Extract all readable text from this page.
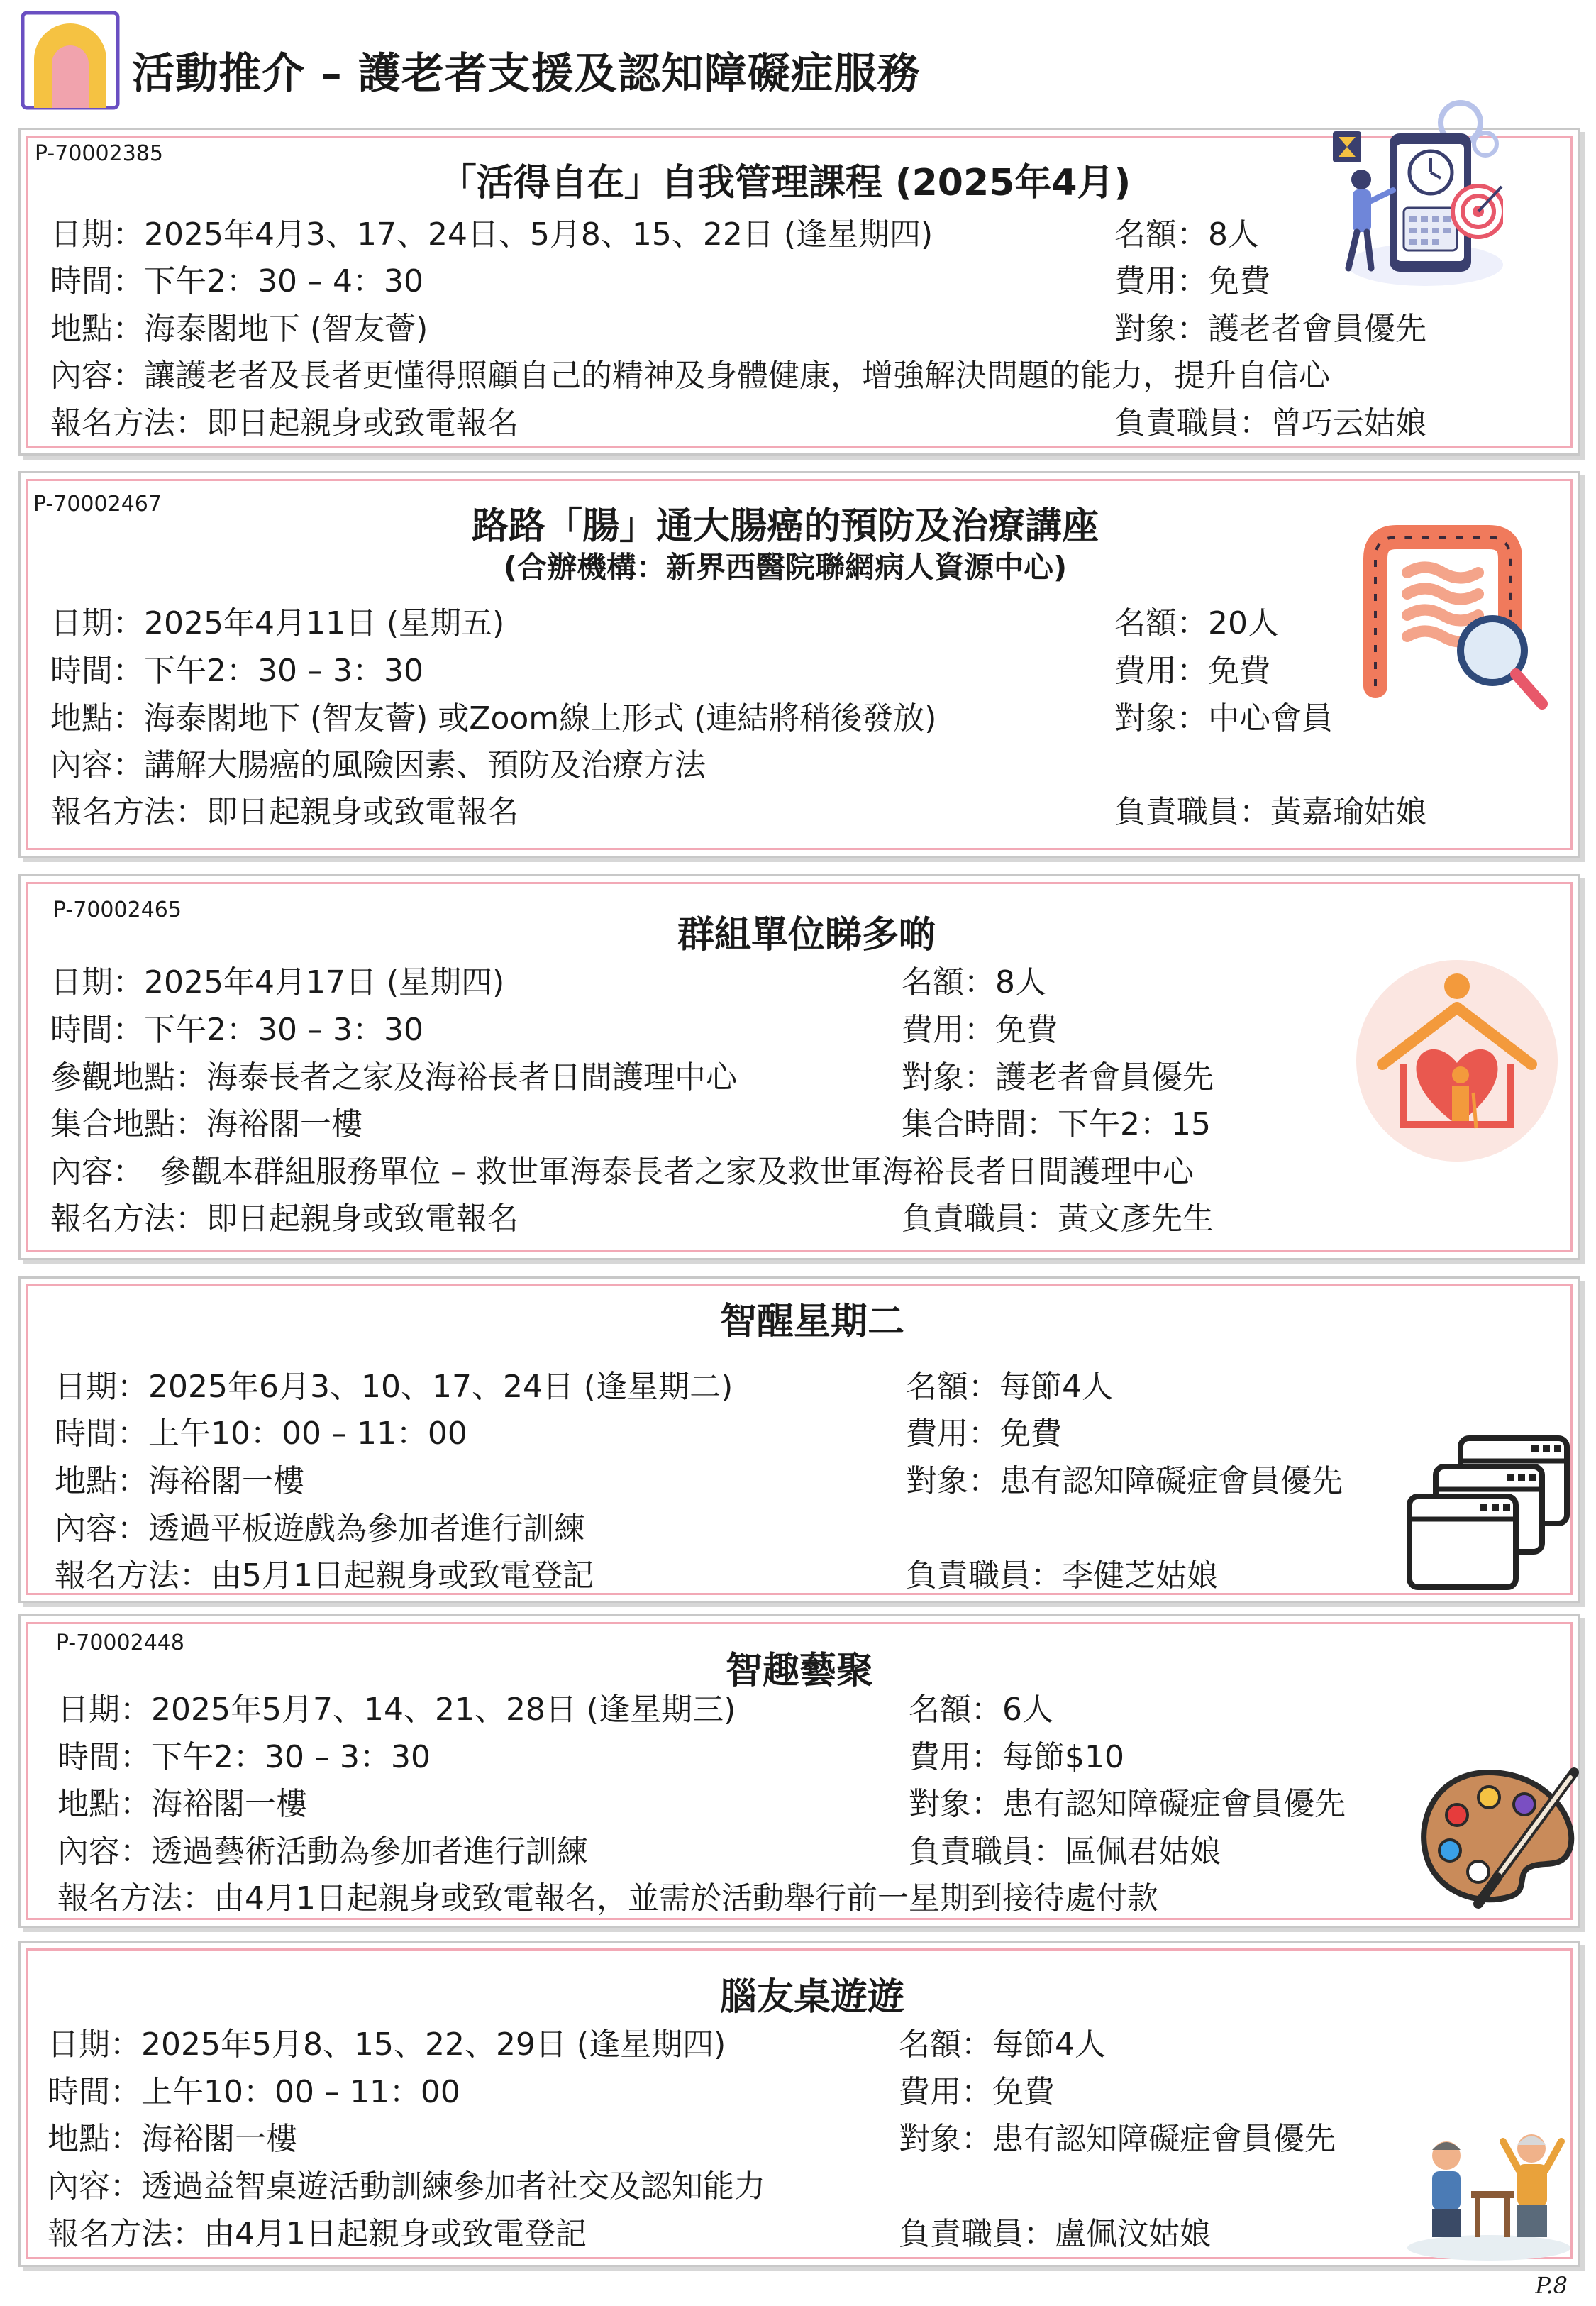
活動推介 – 護老者支援及認知障礙症服務
P-70002385
「活得自在」自我管理課程 (2025年4月)
日期：2025年4月3、17、24日、5月8、15、22日 (逢星期四)
時間：下午2：30 – 4：30
地點：海泰閣地下 (智友薈)
內容：讓護老者及長者更懂得照顧自己的精神及身體健康，增強解決問題的能力，提升自信心
報名方法：即日起親身或致電報名
名額：8人
費用：免費
對象：護老者會員優先
負責職員：曾巧云姑娘
P-70002467
路路「腸」通大腸癌的預防及治療講座
(合辦機構：新界西醫院聯網病人資源中心)
日期：2025年4月11日 (星期五)
時間：下午2：30 – 3：30
地點：海泰閣地下 (智友薈) 或Zoom線上形式 (連結將稍後發放)
內容：講解大腸癌的風險因素、預防及治療方法
報名方法：即日起親身或致電報名
名額：20人
費用：免費
對象：中心會員
負責職員：黃嘉瑜姑娘
P-70002465
群組單位睇多啲
日期：2025年4月17日 (星期四)
時間：下午2：30 – 3：30
參觀地點：海泰長者之家及海裕長者日間護理中心
集合地點：海裕閣一樓
內容：　參觀本群組服務單位 – 救世軍海泰長者之家及救世軍海裕長者日間護理中心
報名方法：即日起親身或致電報名
名額：8人
費用：免費
對象：護老者會員優先
集合時間：下午2：15
負責職員：黃文彥先生
智醒星期二
日期：2025年6月3、10、17、24日 (逢星期二)
時間：上午10：00 – 11：00
地點：海裕閣一樓
內容：透過平板遊戲為參加者進行訓練
報名方法：由5月1日起親身或致電登記
名額：每節4人
費用：免費
對象：患有認知障礙症會員優先
負責職員：李健芝姑娘
P-70002448
智趣藝聚
日期：2025年5月7、14、21、28日 (逢星期三)
時間：下午2：30 – 3：30
地點：海裕閣一樓
內容：透過藝術活動為參加者進行訓練
報名方法：由4月1日起親身或致電報名，並需於活動舉行前一星期到接待處付款
名額：6人
費用：每節$10
對象：患有認知障礙症會員優先
負責職員：區佩君姑娘
腦友桌遊遊
日期：2025年5月8、15、22、29日 (逢星期四)
時間：上午10：00 – 11：00
地點：海裕閣一樓
內容：透過益智桌遊活動訓練參加者社交及認知能力
報名方法：由4月1日起親身或致電登記
名額：每節4人
費用：免費
對象：患有認知障礙症會員優先
負責職員：盧佩汶姑娘
P.8
